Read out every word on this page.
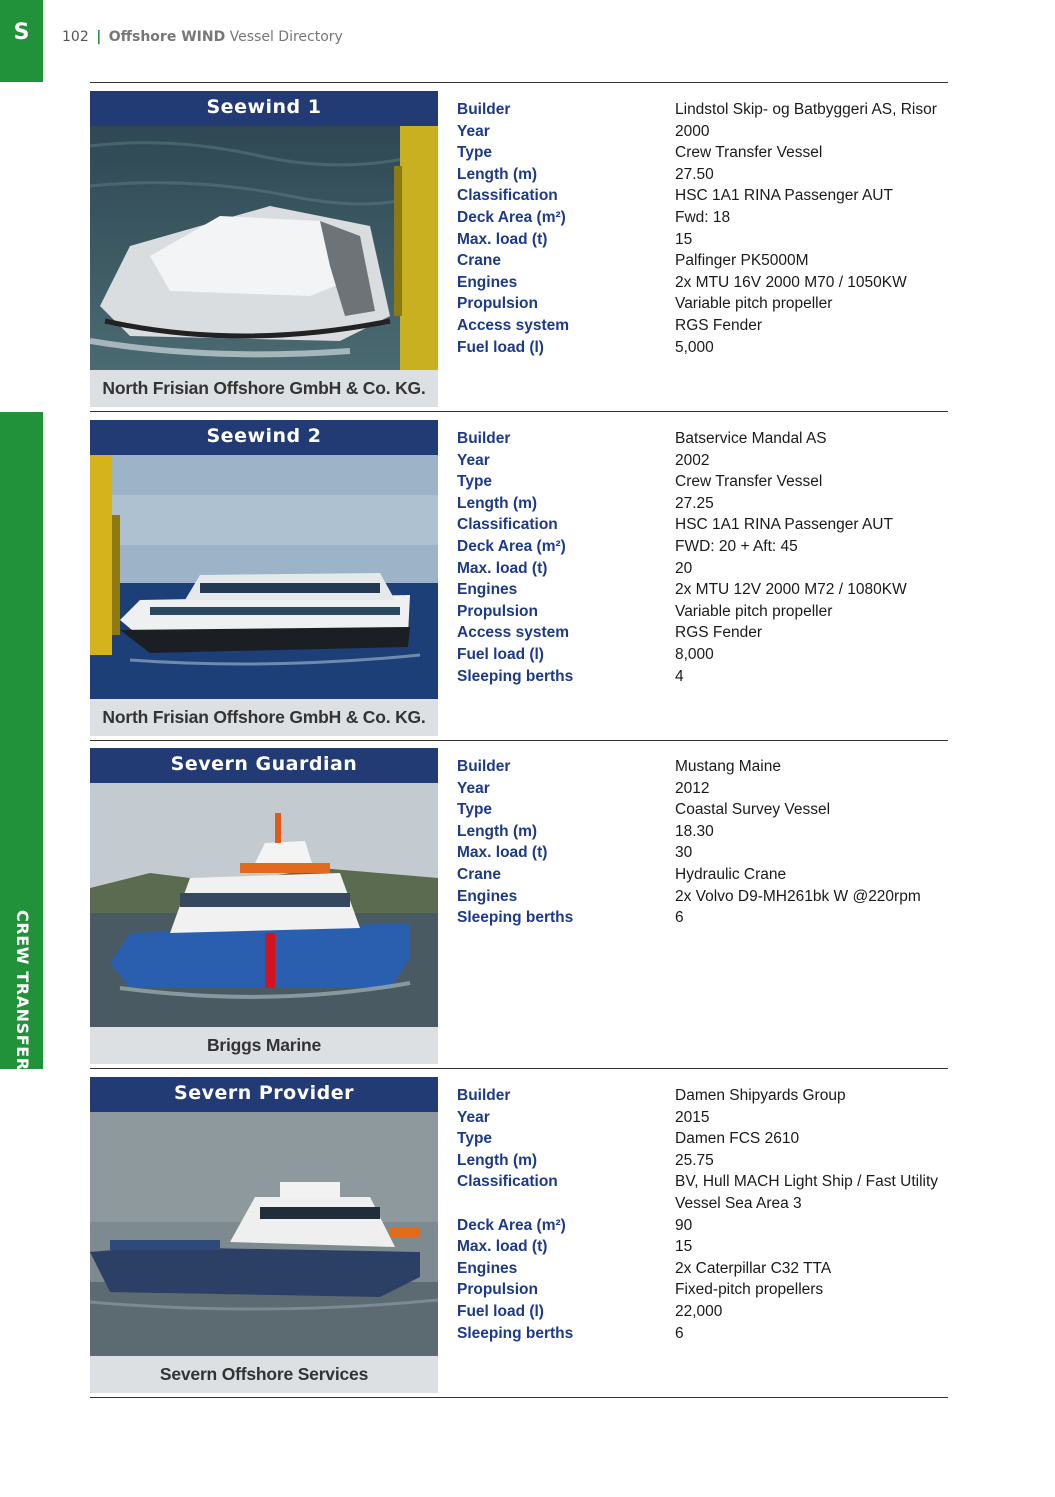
S 102 | Offshore WIND Vessel Directory
CREW TRANSFER VESSELS
Seewind 1
North Frisian Offshore GmbH & Co. KG.
Builder	Lindstol Skip- og Batbyggeri AS, Risor
Year	2000
Type	Crew Transfer Vessel
Length (m)	27.50
Classification	HSC 1A1 RINA Passenger AUT
Deck Area (m²)	Fwd: 18
Max. load (t)	15
Crane	Palfinger PK5000M
Engines	2x MTU 16V 2000 M70 / 1050KW
Propulsion	Variable pitch propeller
Access system	RGS Fender
Fuel load (l)	5,000
Seewind 2
North Frisian Offshore GmbH & Co. KG.
Builder	Batservice Mandal AS
Year	2002
Type	Crew Transfer Vessel
Length (m)	27.25
Classification	HSC 1A1 RINA Passenger AUT
Deck Area (m²)	FWD: 20 + Aft: 45
Max. load (t)	20
Engines	2x MTU 12V 2000 M72 / 1080KW
Propulsion	Variable pitch propeller
Access system	RGS Fender
Fuel load (l)	8,000
Sleeping berths	4
Severn Guardian
Briggs Marine
Builder	Mustang Maine
Year	2012
Type	Coastal Survey Vessel
Length (m)	18.30
Max. load (t)	30
Crane	Hydraulic Crane
Engines	2x Volvo D9-MH261bk W @220rpm
Sleeping berths	6
Severn Provider
Severn Offshore Services
Builder	Damen Shipyards Group
Year	2015
Type	Damen FCS 2610
Length (m)	25.75
Classification	BV, Hull MACH Light Ship / Fast Utility Vessel Sea Area 3
Deck Area (m²)	90
Max. load (t)	15
Engines	2x Caterpillar C32 TTA
Propulsion	Fixed-pitch propellers
Fuel load (l)	22,000
Sleeping berths	6
